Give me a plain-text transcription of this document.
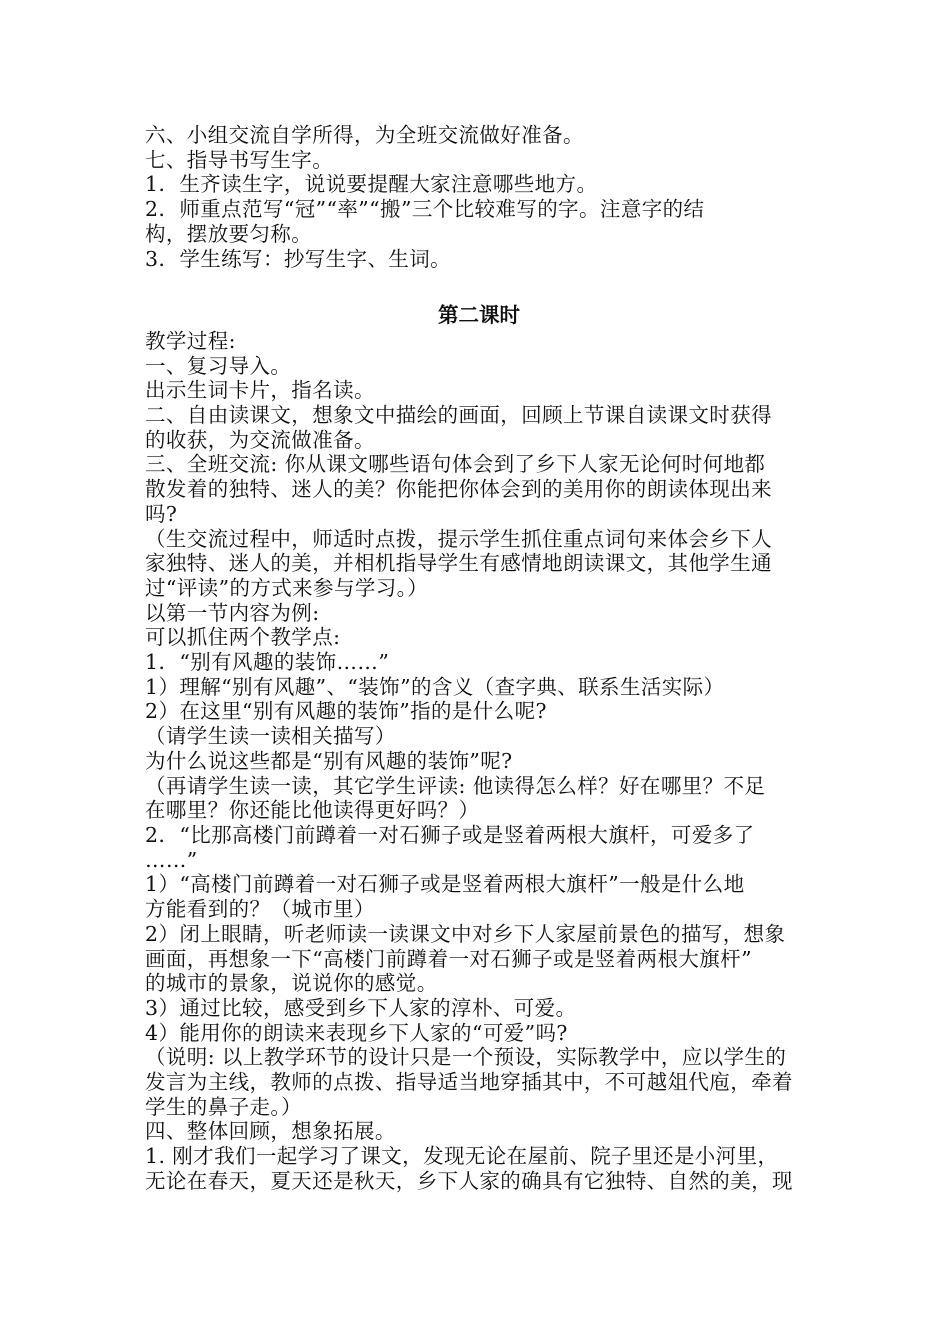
六、小组交流自学所得，为全班交流做好准备。
七、指导书写生字。
1．生齐读生字，说说要提醒大家注意哪些地方。
2．师重点范写“冠”“率”“搬”三个比较难写的字。注意字的结
构，摆放要匀称。
3．学生练写：抄写生字、生词。
第二课时
教学过程:
一、复习导入。
出示生词卡片，指名读。
二、自由读课文，想象文中描绘的画面，回顾上节课自读课文时获得
的收获，为交流做准备。
三、全班交流: 你从课文哪些语句体会到了乡下人家无论何时何地都
散发着的独特、迷人的美？你能把你体会到的美用你的朗读体现出来
吗?
（生交流过程中，师适时点拨，提示学生抓住重点词句来体会乡下人
家独特、迷人的美，并相机指导学生有感情地朗读课文，其他学生通
过“评读”的方式来参与学习。）
以第一节内容为例:
可以抓住两个教学点:
1．“别有风趣的装饰……”
1）理解“别有风趣”、“装饰”的含义（查字典、联系生活实际）
2）在这里“别有风趣的装饰”指的是什么呢?
（请学生读一读相关描写）
为什么说这些都是“别有风趣的装饰”呢?
（再请学生读一读，其它学生评读: 他读得怎么样？好在哪里？不足
在哪里？你还能比他读得更好吗？）
2．“比那高楼门前蹲着一对石狮子或是竖着两根大旗杆，可爱多了
……”
1）“高楼门前蹲着一对石狮子或是竖着两根大旗杆”一般是什么地
方能看到的？（城市里）
2）闭上眼睛，听老师读一读课文中对乡下人家屋前景色的描写，想象
画面，再想象一下“高楼门前蹲着一对石狮子或是竖着两根大旗杆”
的城市的景象，说说你的感觉。
3）通过比较，感受到乡下人家的淳朴、可爱。
4）能用你的朗读来表现乡下人家的“可爱”吗?
（说明: 以上教学环节的设计只是一个预设，实际教学中，应以学生的
发言为主线，教师的点拨、指导适当地穿插其中，不可越俎代庖，牵着
学生的鼻子走。）
四、整体回顾，想象拓展。
1. 刚才我们一起学习了课文，发现无论在屋前、院子里还是小河里，
无论在春天，夏天还是秋天，乡下人家的确具有它独特、自然的美，现
